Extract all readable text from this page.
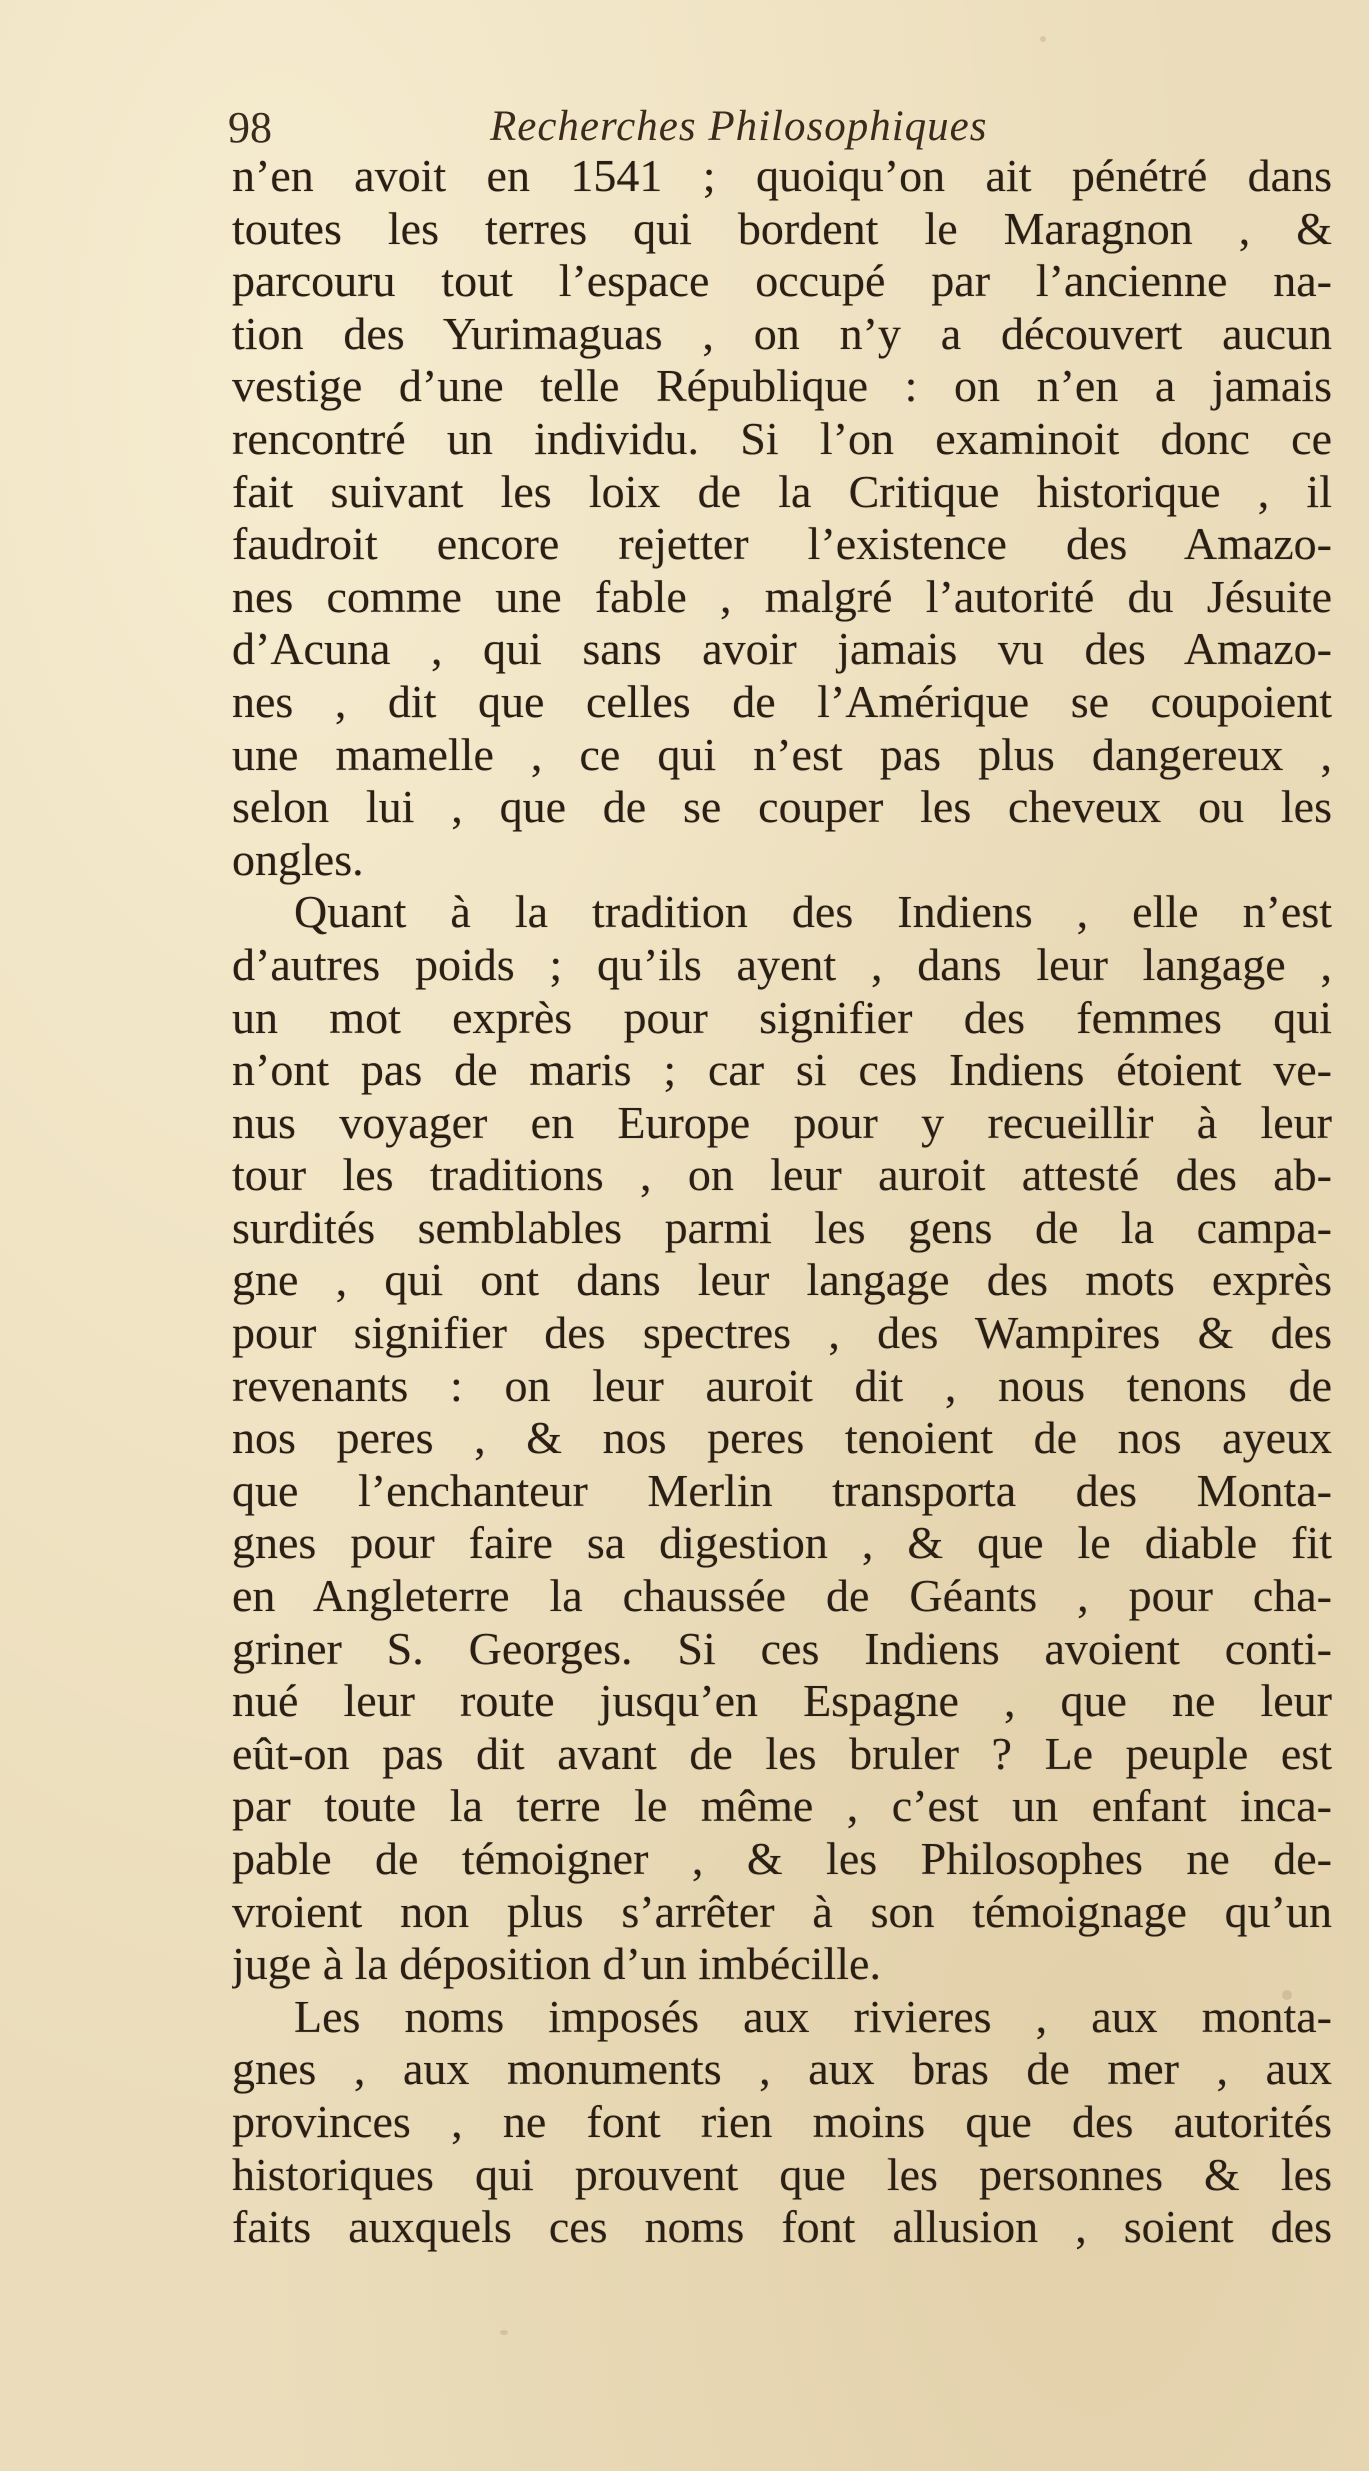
98	Recherches Philosophiques
n’en avoit en 1541 ; quoiqu’on ait pénétré dans
toutes les terres qui bordent le Maragnon , &
parcouru tout l’espace occupé par l’ancienne na-
tion des Yurimaguas , on n’y a découvert aucun
vestige d’une telle République : on n’en a jamais
rencontré un individu. Si l’on examinoit donc ce
fait suivant les loix de la Critique historique , il
faudroit encore rejetter l’existence des Amazo-
nes comme une fable , malgré l’autorité du Jésuite
d’Acuna , qui sans avoir jamais vu des Amazo-
nes , dit que celles de l’Amérique se coupoient
une mamelle , ce qui n’est pas plus dangereux ,
selon lui , que de se couper les cheveux ou les
ongles.
Quant à la tradition des Indiens , elle n’est
d’autres poids ; qu’ils ayent , dans leur langage ,
un mot exprès pour signifier des femmes qui
n’ont pas de maris ; car si ces Indiens étoient ve-
nus voyager en Europe pour y recueillir à leur
tour les traditions , on leur auroit attesté des ab-
surdités semblables parmi les gens de la campa-
gne , qui ont dans leur langage des mots exprès
pour signifier des spectres , des Wampires & des
revenants : on leur auroit dit , nous tenons de
nos peres , & nos peres tenoient de nos ayeux
que l’enchanteur Merlin transporta des Monta-
gnes pour faire sa digestion , & que le diable fit
en Angleterre la chaussée de Géants , pour cha-
griner S. Georges. Si ces Indiens avoient conti-
nué leur route jusqu’en Espagne , que ne leur
eût-on pas dit avant de les bruler ? Le peuple est
par toute la terre le même , c’est un enfant inca-
pable de témoigner , & les Philosophes ne de-
vroient non plus s’arrêter à son témoignage qu’un
juge à la déposition d’un imbécille.
Les noms imposés aux rivieres , aux monta-
gnes , aux monuments , aux bras de mer , aux
provinces , ne font rien moins que des autorités
historiques qui prouvent que les personnes & les
faits auxquels ces noms font allusion , soient des
